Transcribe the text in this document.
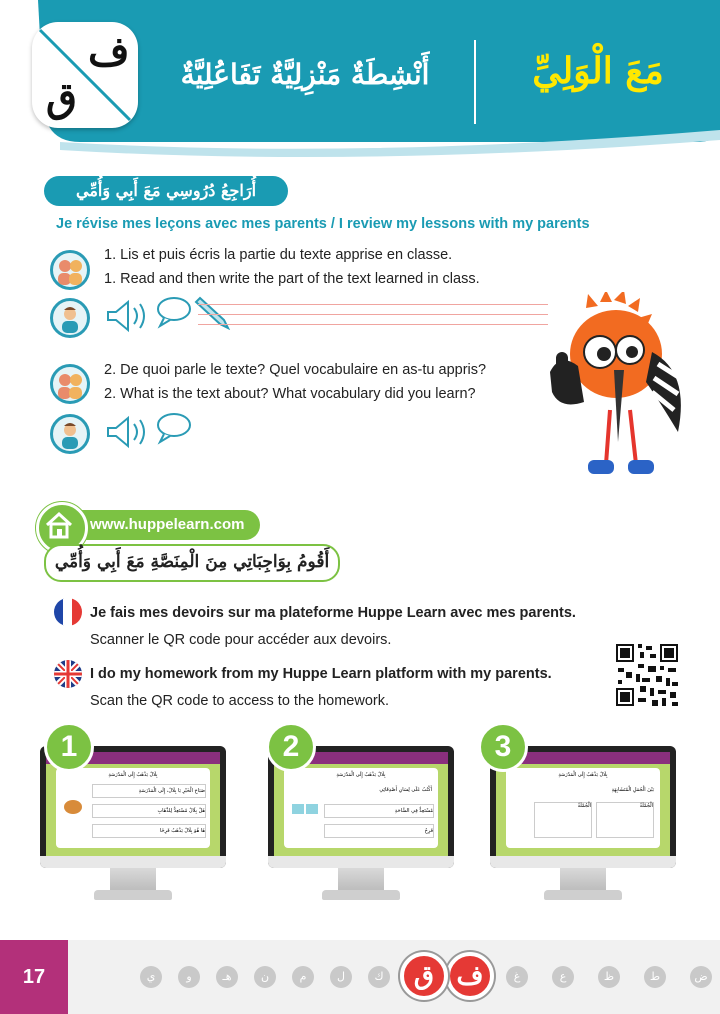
مَعَ الْوَلِيِّ
أَنْشِطَةٌ مَنْزِلِيَّةٌ تَفَاعُلِيَّةٌ
ف
ق
أُرَاجِعُ دُرُوسِي مَعَ أَبِي وَأُمِّي
Je révise mes leçons avec mes parents / I review my lessons with my parents
1. Lis et puis écris la partie du texte apprise en classe.
1. Read and then write the part of the text learned in class.
2. De quoi parle le texte? Quel vocabulaire en as-tu appris?
2. What is the text about? What vocabulary did you learn?
www.huppelearn.com
أَقُومُ بِوَاجِبَاتِي مِنَ الْمِنَصَّةِ مَعَ أَبِي وَأُمِّي
Je fais mes devoirs sur ma plateforme Huppe Learn avec mes parents.
Scanner le QR code pour accéder aux devoirs.
I do my homework from my Huppe Learn platform with my parents.
Scan the QR code to access to the homework.
بِلَالٌ يَذْهَبُ إِلَى الْمَدْرَسَةِ
صَبَاحَ الْخَيْرِ يَا بِلَالُ، إِلَى الْمَدْرَسَةِ
هَلْ بِلَالٌ مُسْتَعِدٌّ لِلذَّهَابِ
هَا هُوَ بِلَالٌ يَذْهَبُ فَرِحًا
1
بِلَالٌ يَذْهَبُ إِلَى الْمَدْرَسَةِ
أَكْتُبُ عَلَى لِسَانِ أَصْدِقَائِي
مُسْتَعِدٌّ فِي السَّاحَةِ
فَرِحٌ
2
بِلَالٌ يَذْهَبُ إِلَى الْمَدْرَسَةِ
بَيْنَ الْجُمَلِ الْمُتَشَابِهَةِ
الْجُمْلَةُ
الْجُمْلَةُ
3
17	ض
ط
ظ
ع
غ
ف
ق
ك
ل
م
ن
هـ
و
ي
